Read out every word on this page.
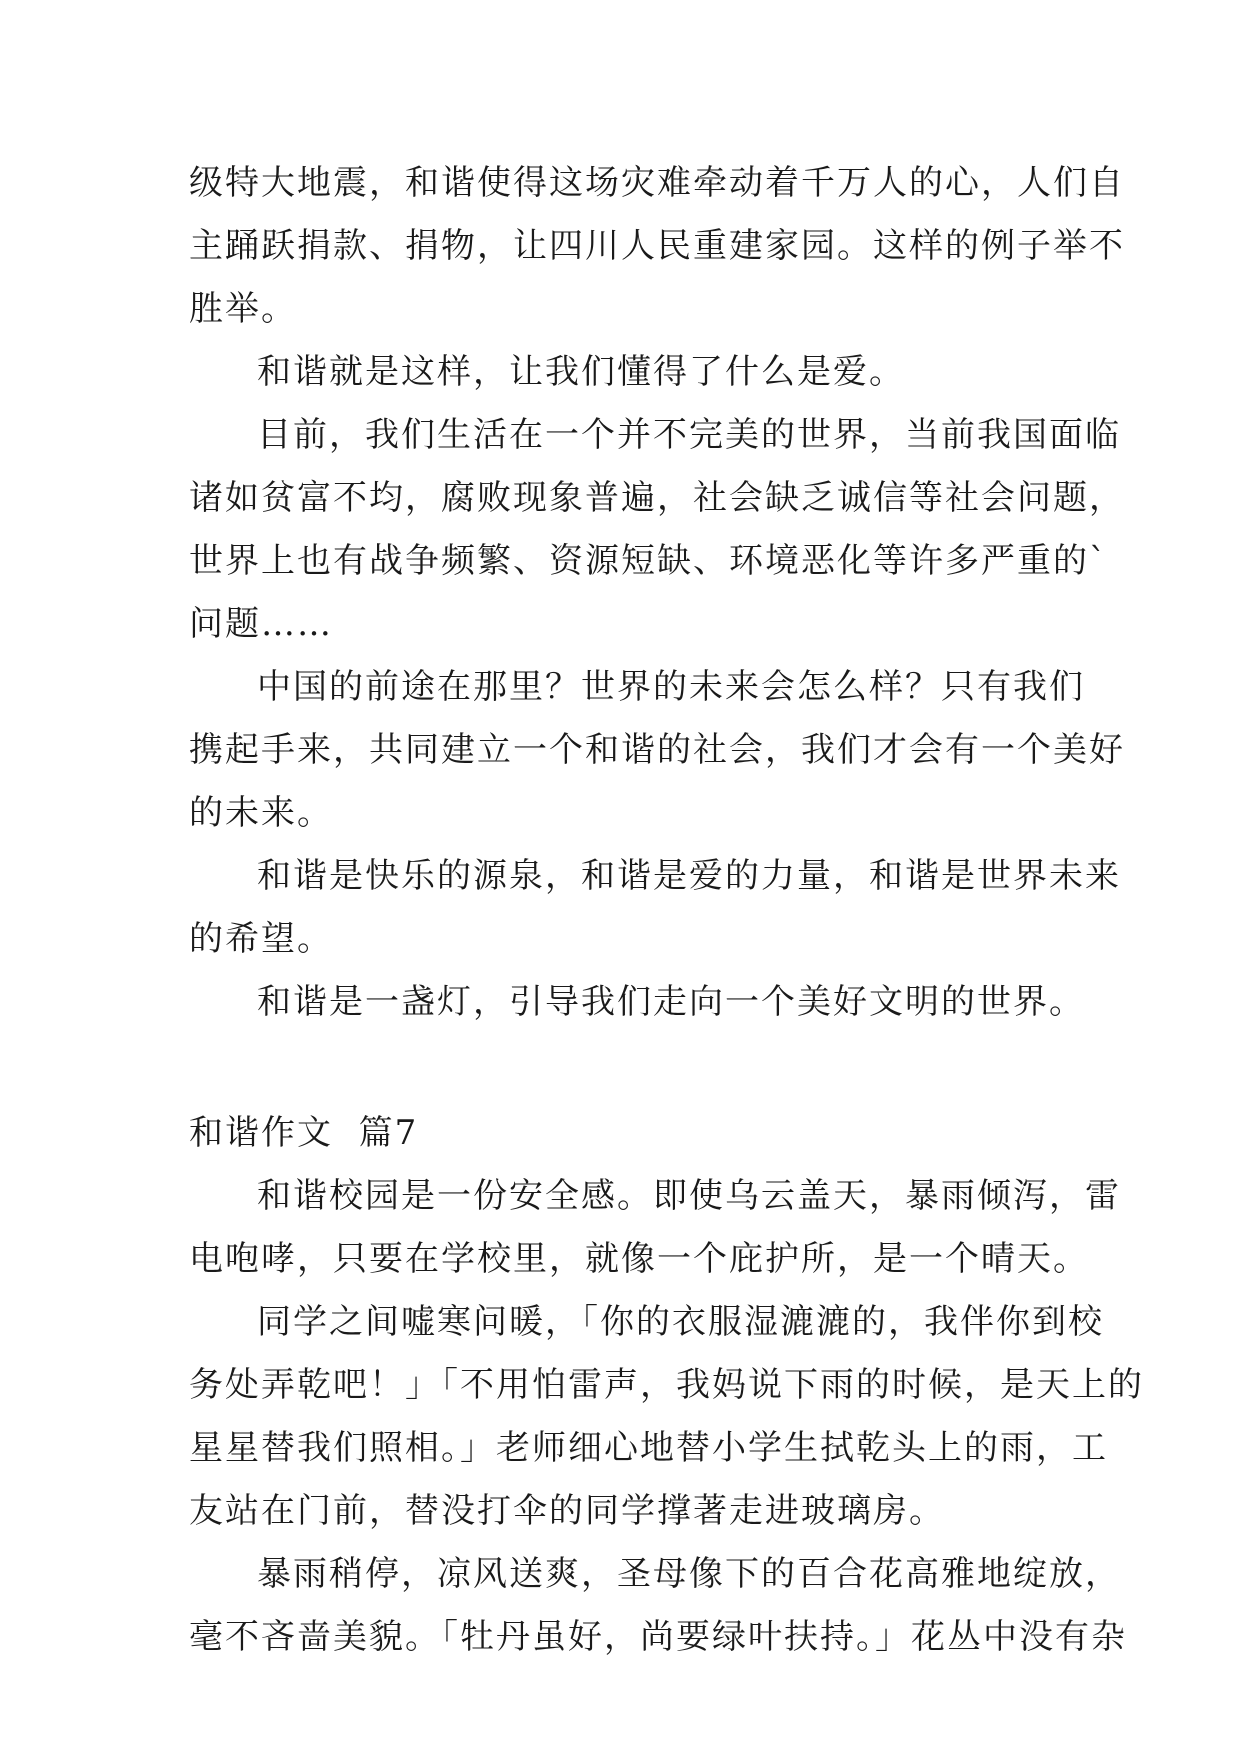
级特大地震，和谐使得这场灾难牵动着千万人的心，人们自
主踊跃捐款、捐物，让四川人民重建家园。这样的例子举不
胜举。
和谐就是这样，让我们懂得了什么是爱。
目前，我们生活在一个并不完美的世界，当前我国面临
诸如贫富不均，腐败现象普遍，社会缺乏诚信等社会问题，
世界上也有战争频繁、资源短缺、环境恶化等许多严重的`
问题……
中国的前途在那里？世界的未来会怎么样？只有我们
携起手来，共同建立一个和谐的社会，我们才会有一个美好
的未来。
和谐是快乐的源泉，和谐是爱的力量，和谐是世界未来
的希望。
和谐是一盏灯，引导我们走向一个美好文明的世界。
和谐作文  篇7
和谐校园是一份安全感。即使乌云盖天，暴雨倾泻，雷
电咆哮，只要在学校里，就像一个庇护所，是一个晴天。
同学之间嘘寒问暖，「你的衣服湿漉漉的，我伴你到校
务处弄乾吧！」「不用怕雷声，我妈说下雨的时候，是天上的
星星替我们照相。」老师细心地替小学生拭乾头上的雨，工
友站在门前，替没打伞的同学撑著走进玻璃房。
暴雨稍停，凉风送爽，圣母像下的百合花高雅地绽放，
毫不吝啬美貌。「牡丹虽好，尚要绿叶扶持。」花丛中没有杂
